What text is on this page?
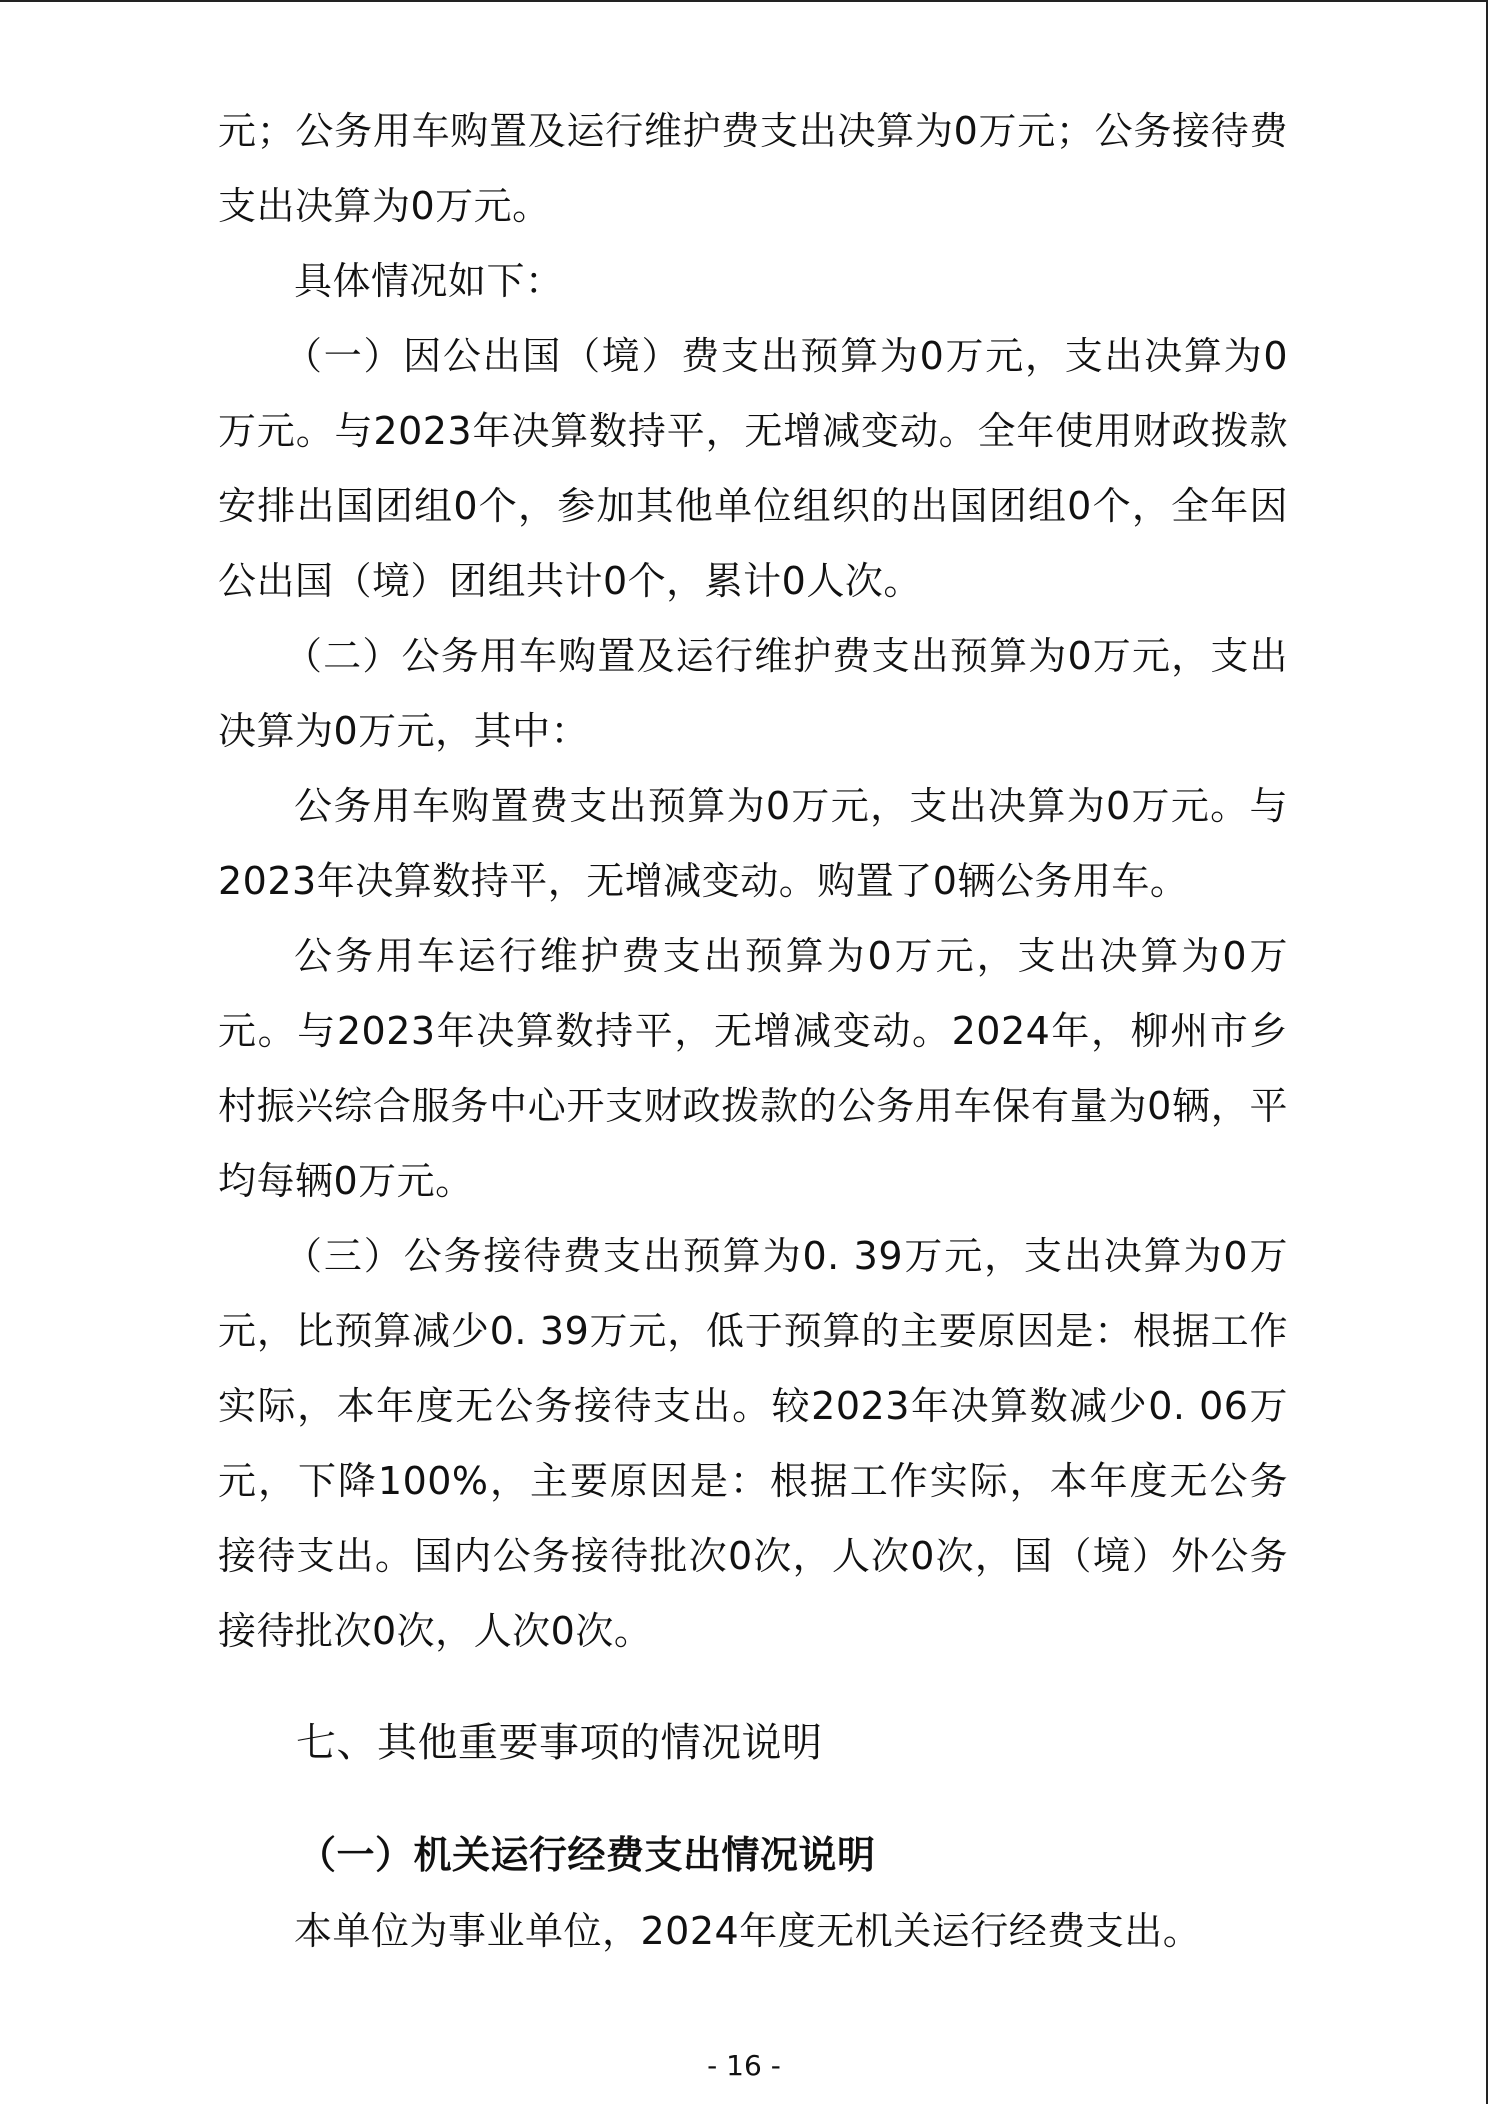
元；公务用车购置及运行维护费支出决算为0万元；公务接待费支出决算为0万元。

具体情况如下：

（一）因公出国（境）费支出预算为0万元，支出决算为0万元。与2023年决算数持平，无增减变动。全年使用财政拨款安排出国团组0个，参加其他单位组织的出国团组0个，全年因公出国（境）团组共计0个，累计0人次。

（二）公务用车购置及运行维护费支出预算为0万元，支出决算为0万元，其中：

公务用车购置费支出预算为0万元，支出决算为0万元。与2023年决算数持平，无增减变动。购置了0辆公务用车。

公务用车运行维护费支出预算为0万元，支出决算为0万元。与2023年决算数持平，无增减变动。2024年，柳州市乡村振兴综合服务中心开支财政拨款的公务用车保有量为0辆，平均每辆0万元。

（三）公务接待费支出预算为0. 39万元，支出决算为0万元，比预算减少0. 39万元，低于预算的主要原因是：根据工作实际，本年度无公务接待支出。较2023年决算数减少0. 06万元，下降100%，主要原因是：根据工作实际，本年度无公务接待支出。国内公务接待批次0次，人次0次，国（境）外公务接待批次0次，人次0次。

七、其他重要事项的情况说明
（一）机关运行经费支出情况说明

本单位为事业单位，2024年度无机关运行经费支出。

- 16 -
